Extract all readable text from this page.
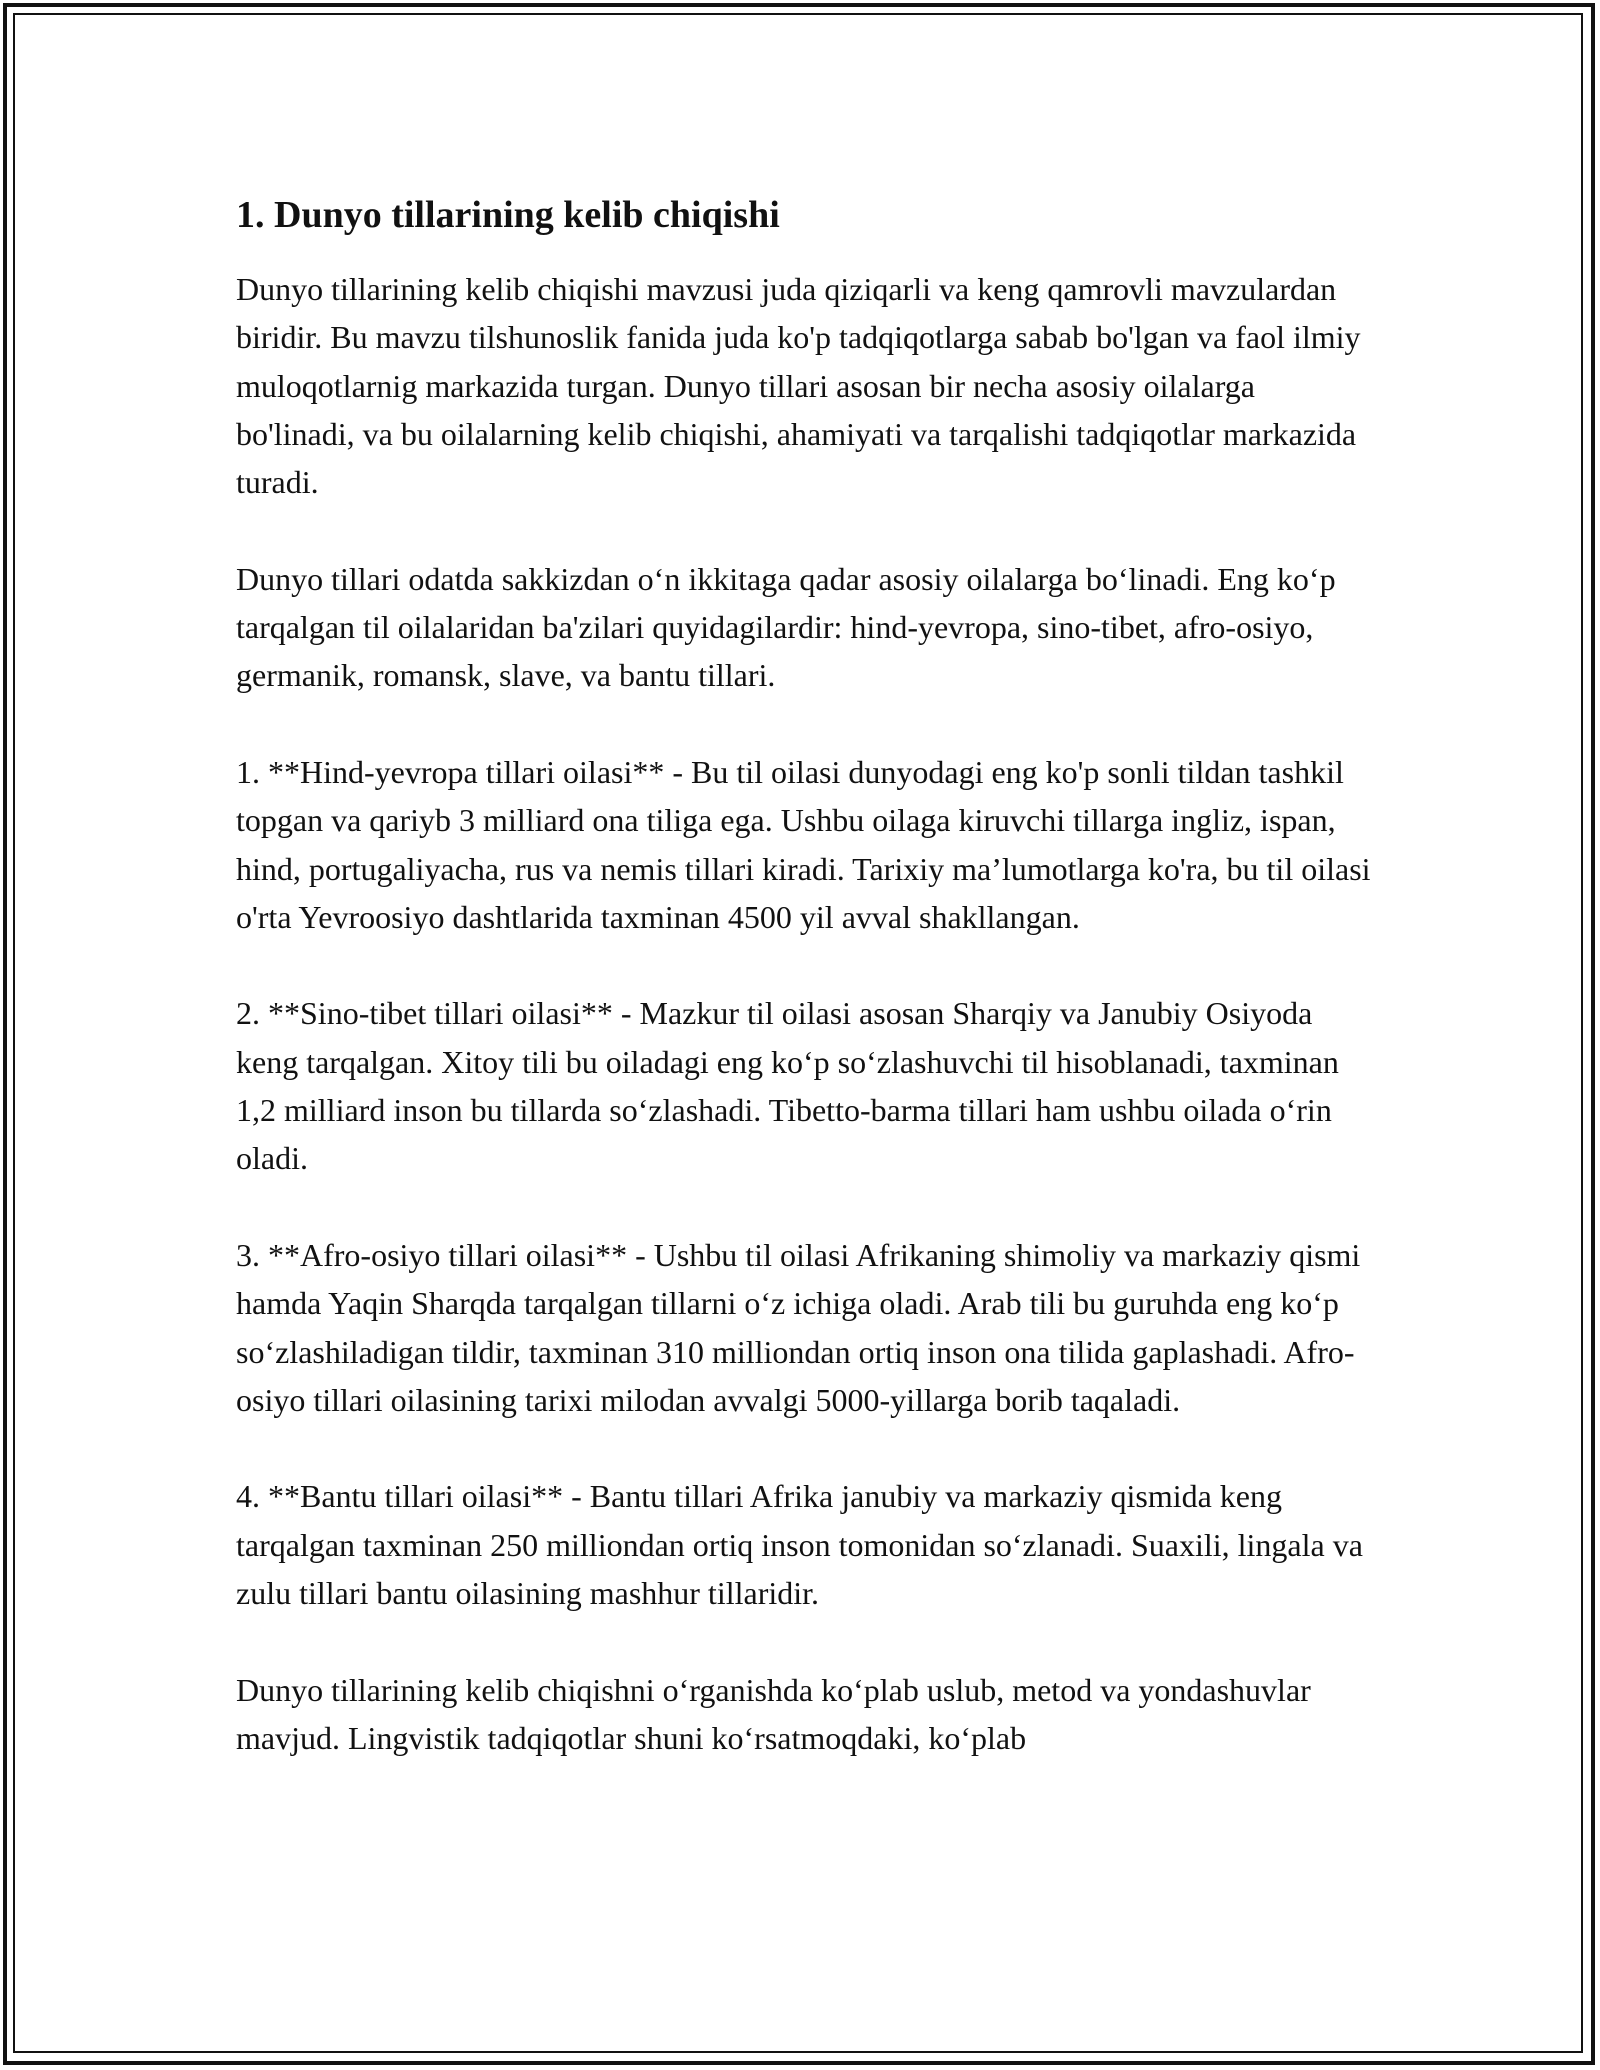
1. Dunyo tillarining kelib chiqishi

Dunyo tillarining kelib chiqishi mavzusi juda qiziqarli va keng qamrovli mavzulardan biridir. Bu mavzu tilshunoslik fanida juda ko'p tadqiqotlarga sabab bo'lgan va faol ilmiy muloqotlarnig markazida turgan. Dunyo tillari asosan bir necha asosiy oilalarga bo'linadi, va bu oilalarning kelib chiqishi, ahamiyati va tarqalishi tadqiqotlar markazida turadi.

Dunyo tillari odatda sakkizdan oʻn ikkitaga qadar asosiy oilalarga boʻlinadi. Eng koʻp tarqalgan til oilalaridan ba'zilari quyidagilardir: hind-yevropa, sino-tibet, afro-osiyo, germanik, romansk, slave, va bantu tillari.

1. **Hind-yevropa tillari oilasi** - Bu til oilasi dunyodagi eng ko'p sonli tildan tashkil topgan va qariyb 3 milliard ona tiliga ega. Ushbu oilaga kiruvchi tillarga ingliz, ispan, hind, portugaliyacha, rus va nemis tillari kiradi. Tarixiy ma’lumotlarga ko'ra, bu til oilasi o'rta Yevroosiyo dashtlarida taxminan 4500 yil avval shakllangan.

2. **Sino-tibet tillari oilasi** - Mazkur til oilasi asosan Sharqiy va Janubiy Osiyoda keng tarqalgan. Xitoy tili bu oiladagi eng koʻp soʻzlashuvchi til hisoblanadi, taxminan 1,2 milliard inson bu tillarda soʻzlashadi. Tibetto-barma tillari ham ushbu oilada oʻrin oladi.

3. **Afro-osiyo tillari oilasi** - Ushbu til oilasi Afrikaning shimoliy va markaziy qismi hamda Yaqin Sharqda tarqalgan tillarni oʻz ichiga oladi. Arab tili bu guruhda eng koʻp soʻzlashiladigan tildir, taxminan 310 milliondan ortiq inson ona tilida gaplashadi. Afro-osiyo tillari oilasining tarixi milodan avvalgi 5000-yillarga borib taqaladi.

4. **Bantu tillari oilasi** - Bantu tillari Afrika janubiy va markaziy qismida keng tarqalgan taxminan 250 milliondan ortiq inson tomonidan soʻzlanadi. Suaxili, lingala va zulu tillari bantu oilasining mashhur tillaridir.

Dunyo tillarining kelib chiqishni oʻrganishda koʻplab uslub, metod va yondashuvlar mavjud. Lingvistik tadqiqotlar shuni koʻrsatmoqdaki, koʻplab
